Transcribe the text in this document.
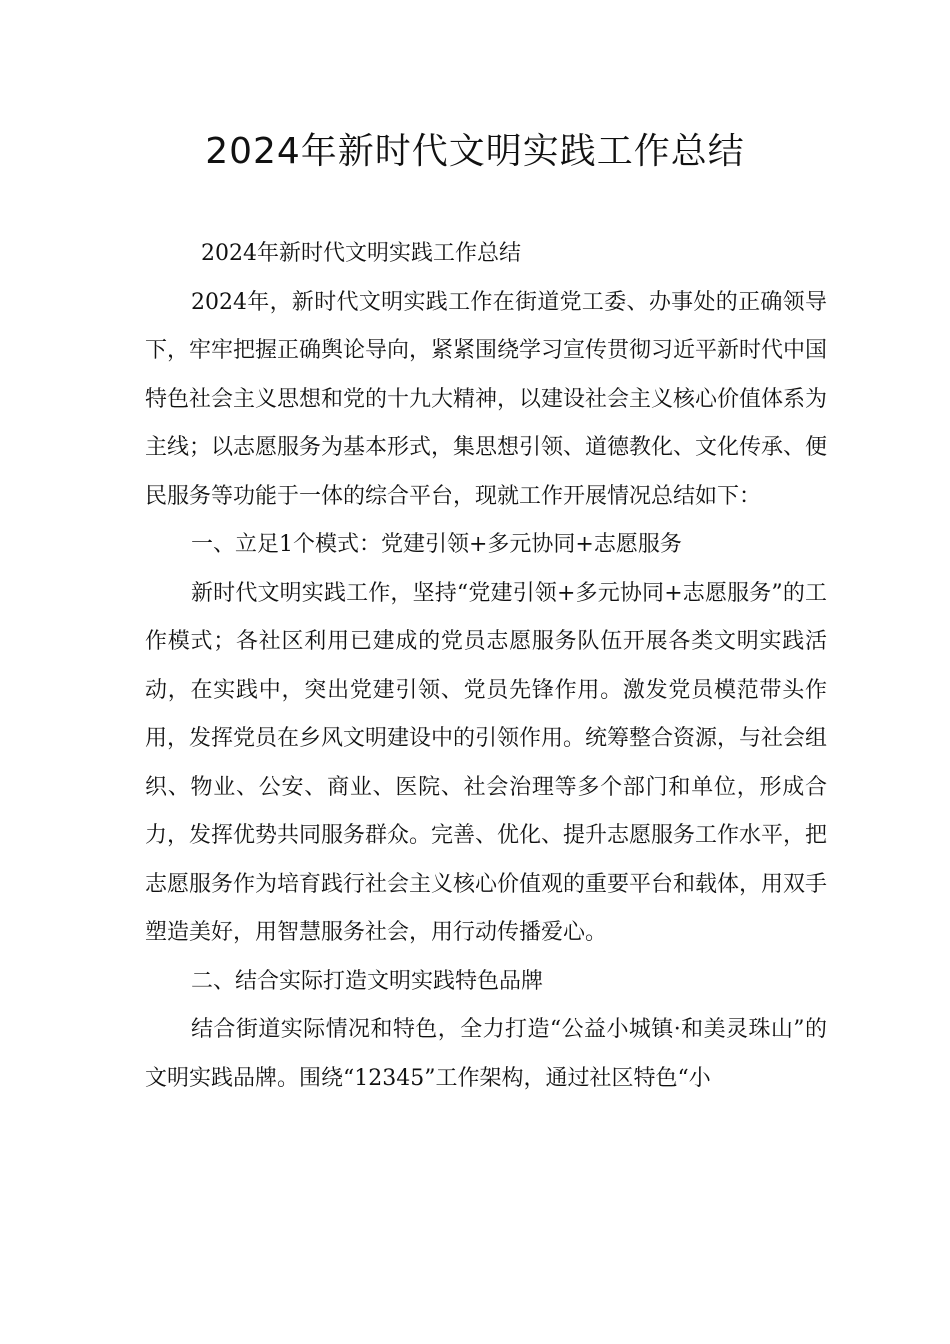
2024年新时代文明实践工作总结

2024年新时代文明实践工作总结

2024年，新时代文明实践工作在街道党工委、办事处的正确领导下，牢牢把握正确舆论导向，紧紧围绕学习宣传贯彻习近平新时代中国特色社会主义思想和党的十九大精神，以建设社会主义核心价值体系为主线；以志愿服务为基本形式，集思想引领、道德教化、文化传承、便民服务等功能于一体的综合平台，现就工作开展情况总结如下：

一、立足1个模式：党建引领+多元协同+志愿服务

新时代文明实践工作，坚持“党建引领+多元协同+志愿服务”的工作模式；各社区利用已建成的党员志愿服务队伍开展各类文明实践活动，在实践中，突出党建引领、党员先锋作用。激发党员模范带头作用，发挥党员在乡风文明建设中的引领作用。统筹整合资源，与社会组织、物业、公安、商业、医院、社会治理等多个部门和单位，形成合力，发挥优势共同服务群众。完善、优化、提升志愿服务工作水平，把志愿服务作为培育践行社会主义核心价值观的重要平台和载体，用双手塑造美好，用智慧服务社会，用行动传播爱心。

二、结合实际打造文明实践特色品牌

结合街道实际情况和特色，全力打造“公益小城镇·和美灵珠山”的文明实践品牌。围绕“12345”工作架构，通过社区特色“小
